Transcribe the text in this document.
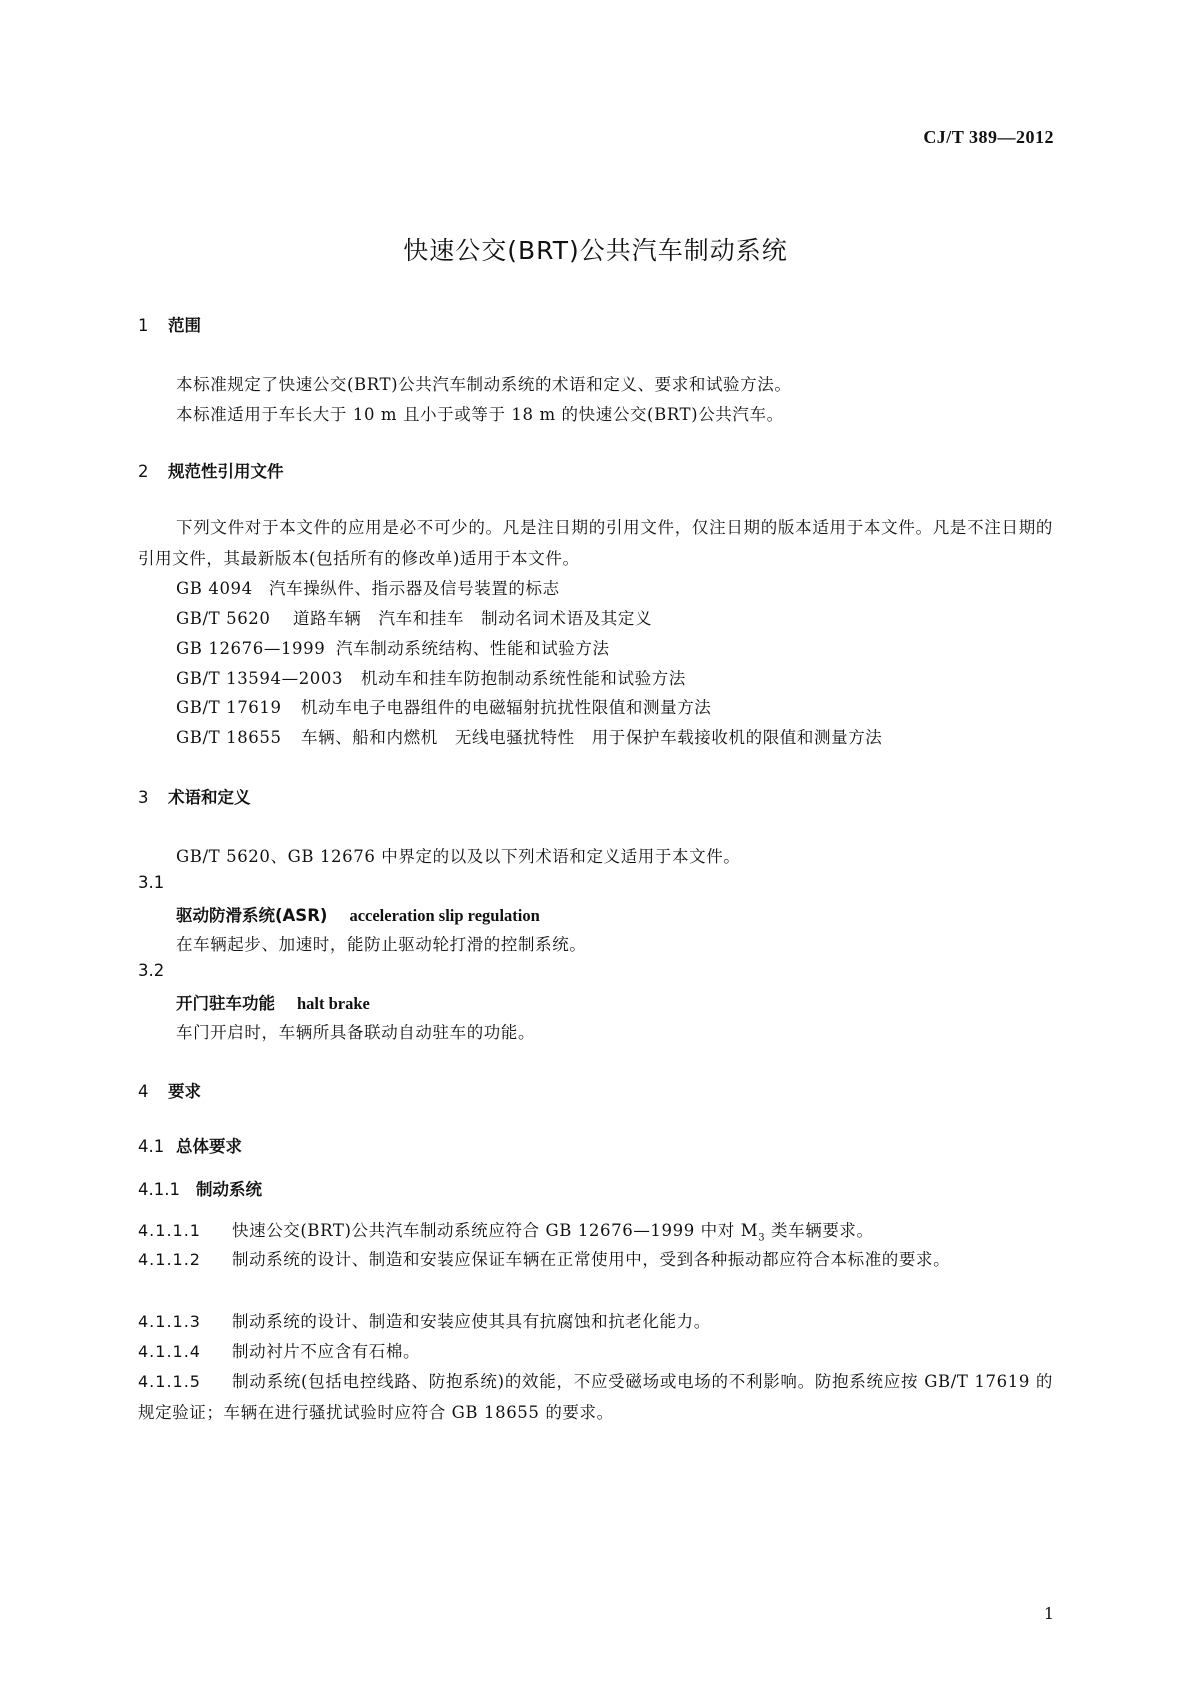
CJ/T 389—2012
快速公交(BRT)公共汽车制动系统
1 范围
本标准规定了快速公交(BRT)公共汽车制动系统的术语和定义、要求和试验方法。
本标准适用于车长大于 10 m 且小于或等于 18 m 的快速公交(BRT)公共汽车。
2 规范性引用文件
下列文件对于本文件的应用是必不可少的。凡是注日期的引用文件，仅注日期的版本适用于本文件。凡是不注日期的引用文件，其最新版本(包括所有的修改单)适用于本文件。
GB 4094 汽车操纵件、指示器及信号装置的标志
GB/T 5620 道路车辆　汽车和挂车　制动名词术语及其定义
GB 12676—1999 汽车制动系统结构、性能和试验方法
GB/T 13594—2003 机动车和挂车防抱制动系统性能和试验方法
GB/T 17619 机动车电子电器组件的电磁辐射抗扰性限值和测量方法
GB/T 18655 车辆、船和内燃机　无线电骚扰特性　用于保护车载接收机的限值和测量方法
3 术语和定义
GB/T 5620、GB 12676 中界定的以及以下列术语和定义适用于本文件。
3.1
驱动防滑系统(ASR) acceleration slip regulation
在车辆起步、加速时，能防止驱动轮打滑的控制系统。
3.2
开门驻车功能 halt brake
车门开启时，车辆所具备联动自动驻车的功能。
4 要求
4.1 总体要求
4.1.1 制动系统
4.1.1.1 快速公交(BRT)公共汽车制动系统应符合 GB 12676—1999 中对 $M_3$ 类车辆要求。
4.1.1.2 制动系统的设计、制造和安装应保证车辆在正常使用中，受到各种振动都应符合本标准的要求。
4.1.1.3 制动系统的设计、制造和安装应使其具有抗腐蚀和抗老化能力。
4.1.1.4 制动衬片不应含有石棉。
4.1.1.5 制动系统(包括电控线路、防抱系统)的效能，不应受磁场或电场的不利影响。防抱系统应按 GB/T 17619 的规定验证；车辆在进行骚扰试验时应符合 GB 18655 的要求。
1
